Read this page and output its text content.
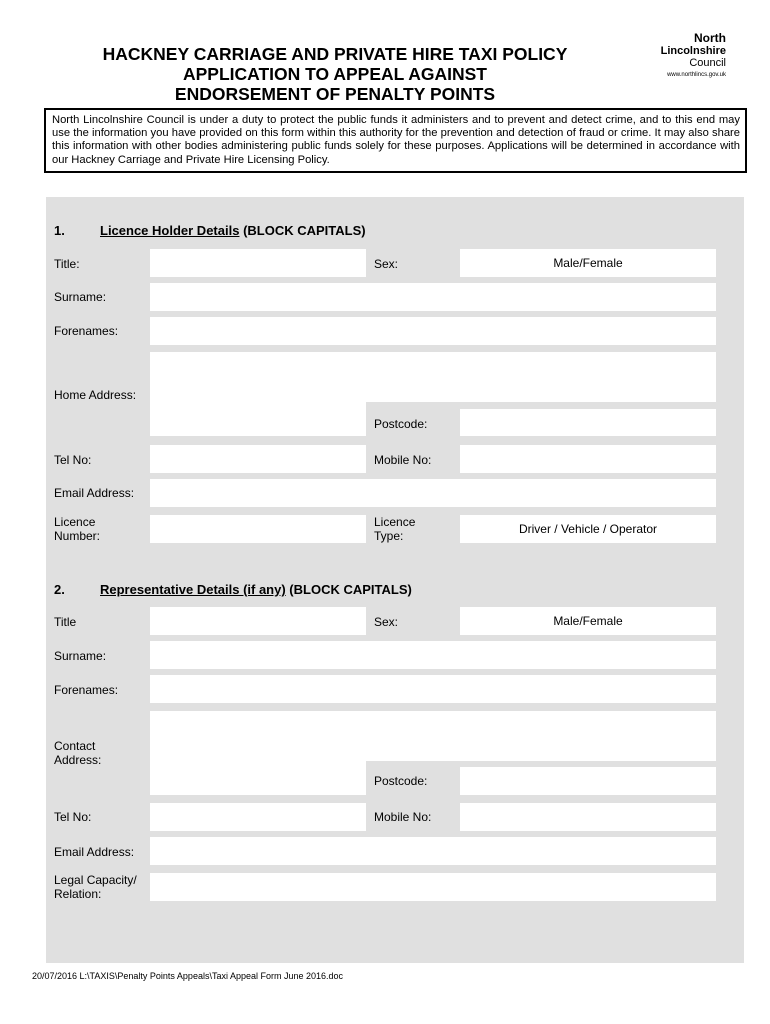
HACKNEY CARRIAGE AND PRIVATE HIRE TAXI POLICY
APPLICATION TO APPEAL AGAINST
ENDORSEMENT OF PENALTY POINTS
North
Lincolnshire
Council
www.northlincs.gov.uk
North Lincolnshire Council is under a duty to protect the public funds it administers and to prevent and detect crime, and to this end may use the information you have provided on this form within this authority for the prevention and detection of fraud or crime. It may also share this information with other bodies administering public funds solely for these purposes. Applications will be determined in accordance with our Hackney Carriage and Private Hire Licensing Policy.
1.	Licence Holder Details (BLOCK CAPITALS)
Title:	Sex:	Male/Female
Surname:
Forenames:
Home Address:
Postcode:
Tel No:	Mobile No:
Email Address:
Licence Number:
Licence Type:	Driver / Vehicle / Operator
2.	Representative Details (if any) (BLOCK CAPITALS)
Title	Sex:	Male/Female
Surname:
Forenames:
Contact Address:
Postcode:
Tel No:	Mobile No:
Email Address:
Legal Capacity/ Relation:
20/07/2016 L:\TAXIS\Penalty Points Appeals\Taxi Appeal Form June 2016.doc
